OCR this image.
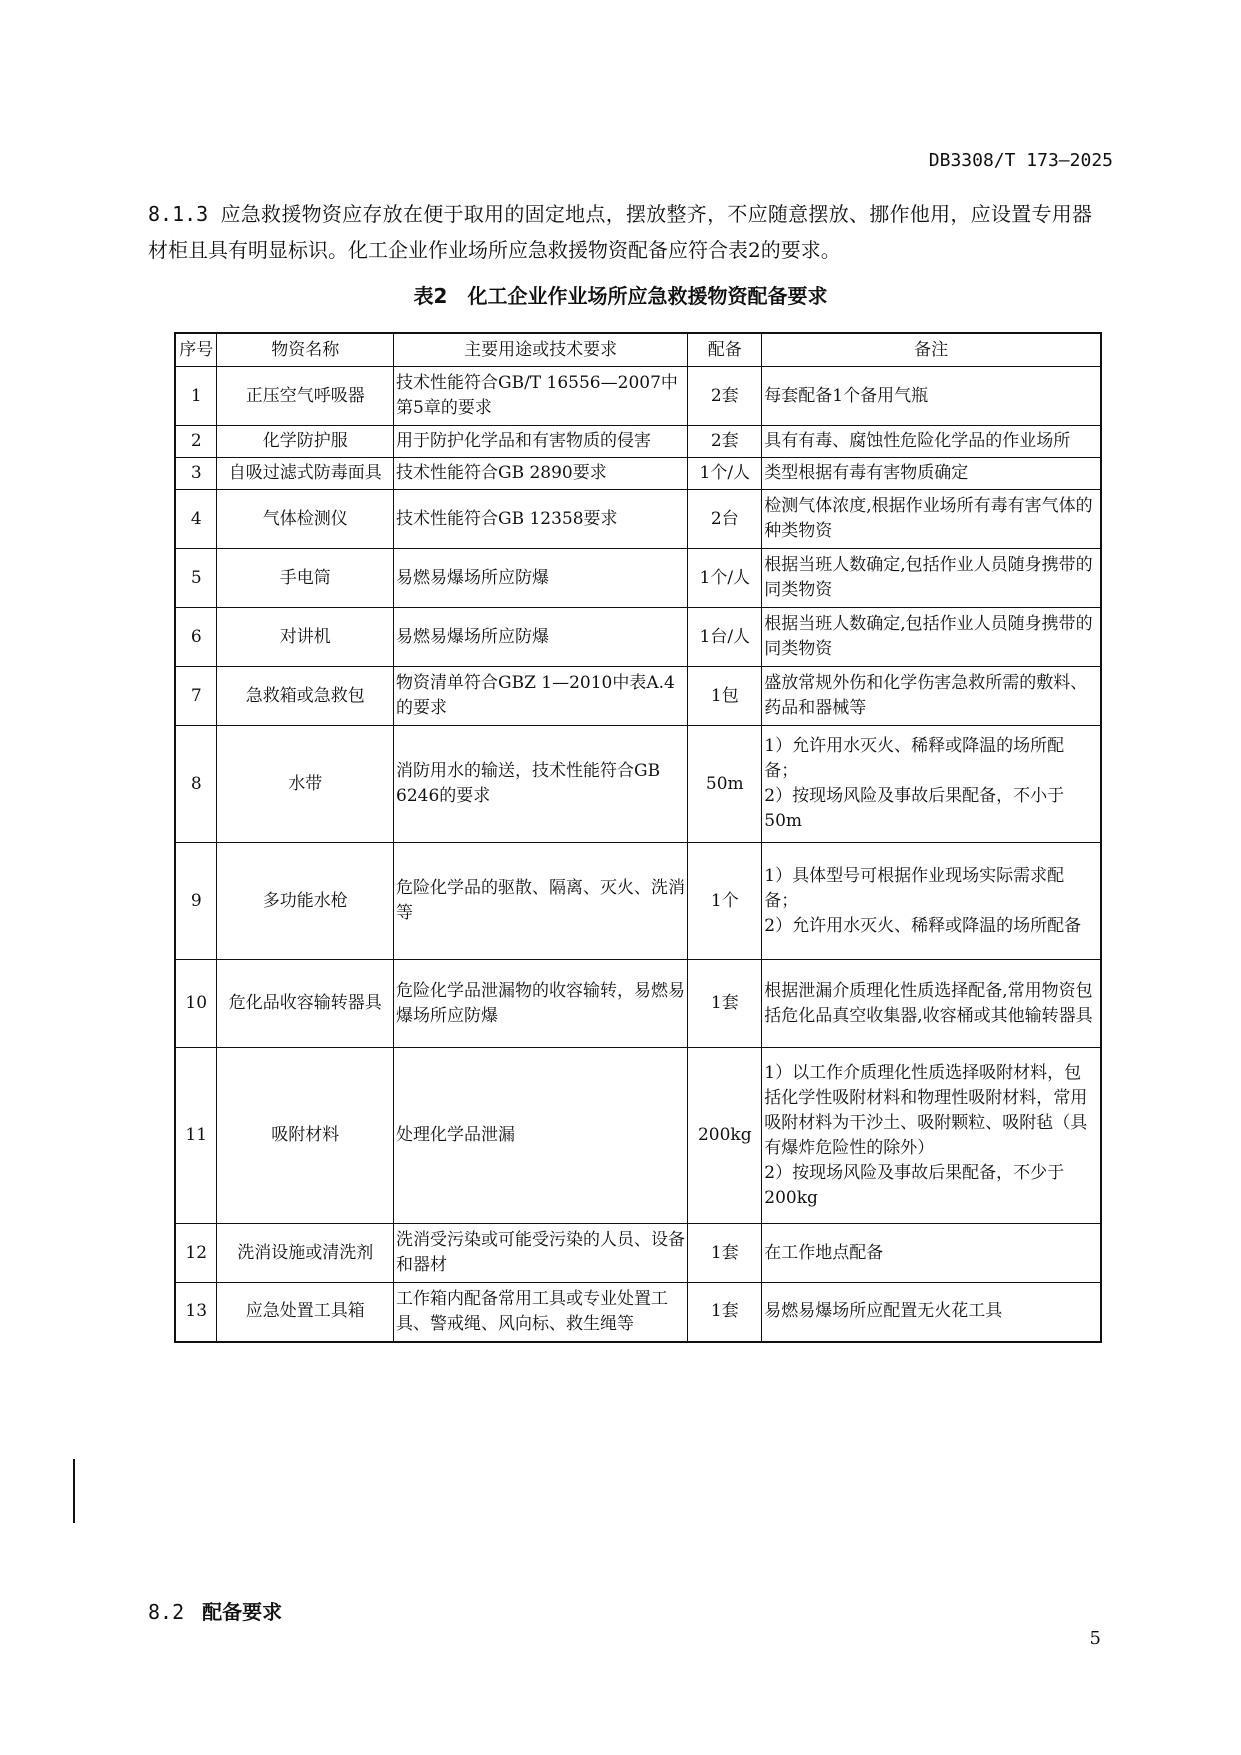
DB3308/T 173—2025
8.1.3 应急救援物资应存放在便于取用的固定地点，摆放整齐，不应随意摆放、挪作他用，应设置专用器材柜且具有明显标识。化工企业作业场所应急救援物资配备应符合表2的要求。
表2　化工企业作业场所应急救援物资配备要求
序号	物资名称	主要用途或技术要求	配备	备注
1	正压空气呼吸器	技术性能符合GB/T 16556—2007中第5章的要求	2套	每套配备1个备用气瓶
2	化学防护服	用于防护化学品和有害物质的侵害	2套	具有有毒、腐蚀性危险化学品的作业场所
3	自吸过滤式防毒面具	技术性能符合GB 2890要求	1个/人	类型根据有毒有害物质确定
4	气体检测仪	技术性能符合GB 12358要求	2台	检测气体浓度,根据作业场所有毒有害气体的种类物资
5	手电筒	易燃易爆场所应防爆	1个/人	根据当班人数确定,包括作业人员随身携带的同类物资
6	对讲机	易燃易爆场所应防爆	1台/人	根据当班人数确定,包括作业人员随身携带的同类物资
7	急救箱或急救包	物资清单符合GBZ 1—2010中表A.4的要求	1包	盛放常规外伤和化学伤害急救所需的敷料、药品和器械等
8	水带	消防用水的输送，技术性能符合GB 6246的要求	50m	1）允许用水灭火、稀释或降温的场所配备；
2）按现场风险及事故后果配备，不小于50m
9	多功能水枪	危险化学品的驱散、隔离、灭火、洗消等	1个	1）具体型号可根据作业现场实际需求配备；
2）允许用水灭火、稀释或降温的场所配备
10	危化品收容输转器具	危险化学品泄漏物的收容输转，易燃易爆场所应防爆	1套	根据泄漏介质理化性质选择配备,常用物资包括危化品真空收集器,收容桶或其他输转器具
11	吸附材料	处理化学品泄漏	200kg	1）以工作介质理化性质选择吸附材料，包括化学性吸附材料和物理性吸附材料，常用吸附材料为干沙土、吸附颗粒、吸附毡（具有爆炸危险性的除外）
2）按现场风险及事故后果配备，不少于200kg
12	洗消设施或清洗剂	洗消受污染或可能受污染的人员、设备和器材	1套	在工作地点配备
13	应急处置工具箱	工作箱内配备常用工具或专业处置工具、警戒绳、风向标、救生绳等	1套	易燃易爆场所应配置无火花工具
8.2 配备要求
5
